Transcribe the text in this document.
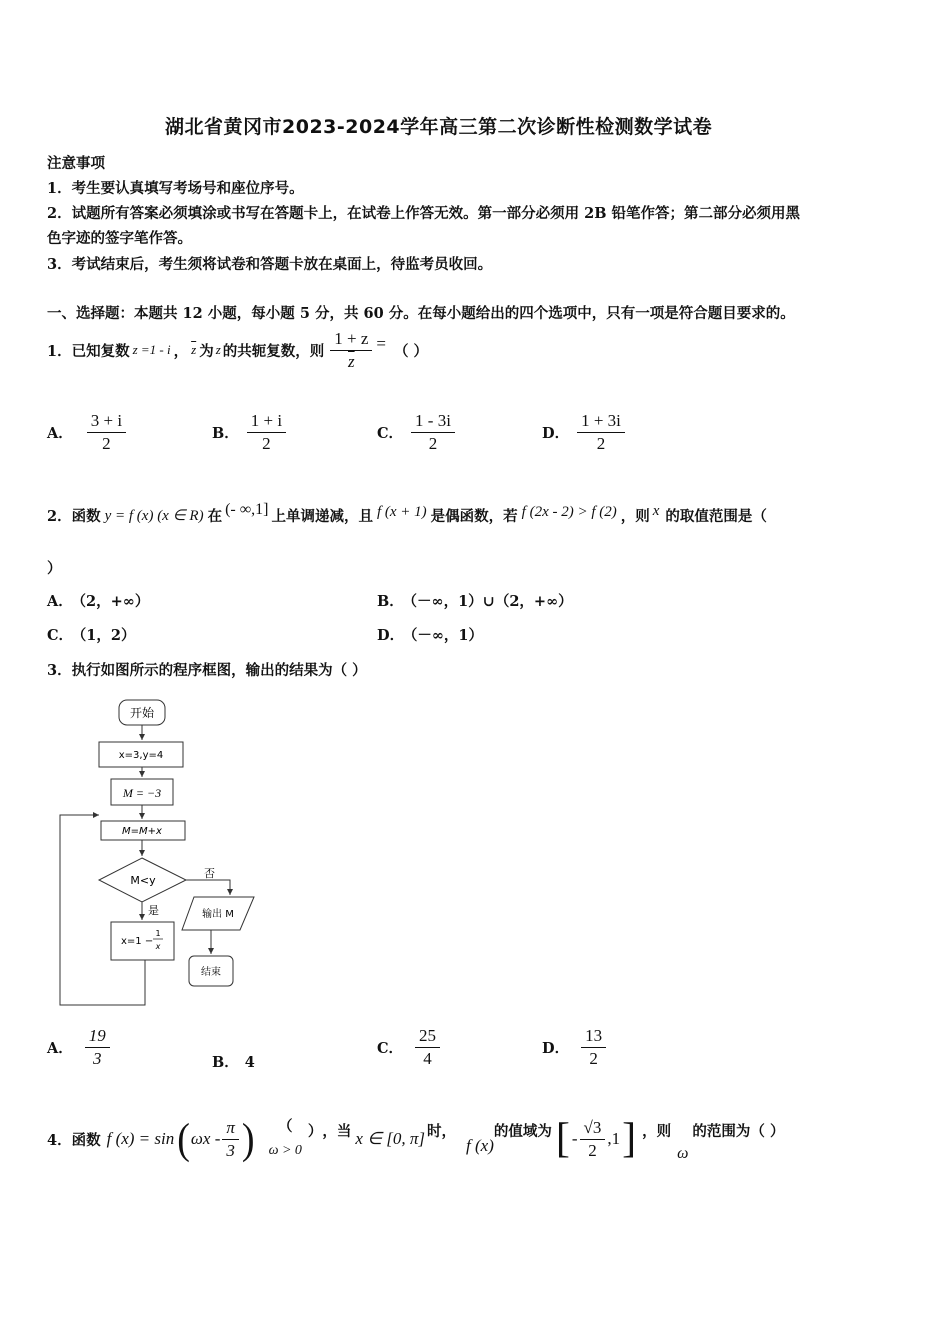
湖北省黄冈市2023-2024学年高三第二次诊断性检测数学试卷
注意事项
1．考生要认真填写考场号和座位序号。
2．试题所有答案必须填涂或书写在答题卡上，在试卷上作答无效。第一部分必须用 2B 铅笔作答；第二部分必须用黑
色字迹的签字笔作答。
3．考试结束后，考生须将试卷和答题卡放在桌面上，待监考员收回。
一、选择题：本题共 12 小题，每小题 5 分，共 60 分。在每小题给出的四个选项中，只有一项是符合题目要求的。
1．已知复数 z =1 - i ， $\overline{z}$ 为 z 的共轭复数，则 $\frac{1 + z}{z}$ = （ ）
A． $\frac{3 + i}{2}$	B． $\frac{1 + i}{2}$	C． $\frac{1 - 3i}{2}$	D． $\frac{1 + 3i}{2}$
2．函数 y = f (x) (x ∈ R) 在 (- ∞,1] 上单调递减，且 f (x + 1) 是偶函数，若 f (2x - 2) > f (2) ，则 x 的取值范围是（
）
A． （2，+∞）	B． （－∞，1）∪（2，+∞）
C． （1，2）	D． （－∞，1）
3．执行如图所示的程序框图，输出的结果为（ ）
开始
x=3,y=4
M = −3
M=M+x
M<y
否
输出 M
结束
是
x=1 −
1
x
A． $\frac{19}{3}$	B． 4
C． $\frac{25}{4}$	D． $\frac{13}{2}$
4．函数 f (x) = sin ( ωx - $\frac{\pi}{3}$ ) （
ω > 0
） ，当 x ∈ [0, π] 时，
f (x)
的值域为 [ - $\frac{√3}{2} ,1$ ] ，则
ω
的范围为（ ）
